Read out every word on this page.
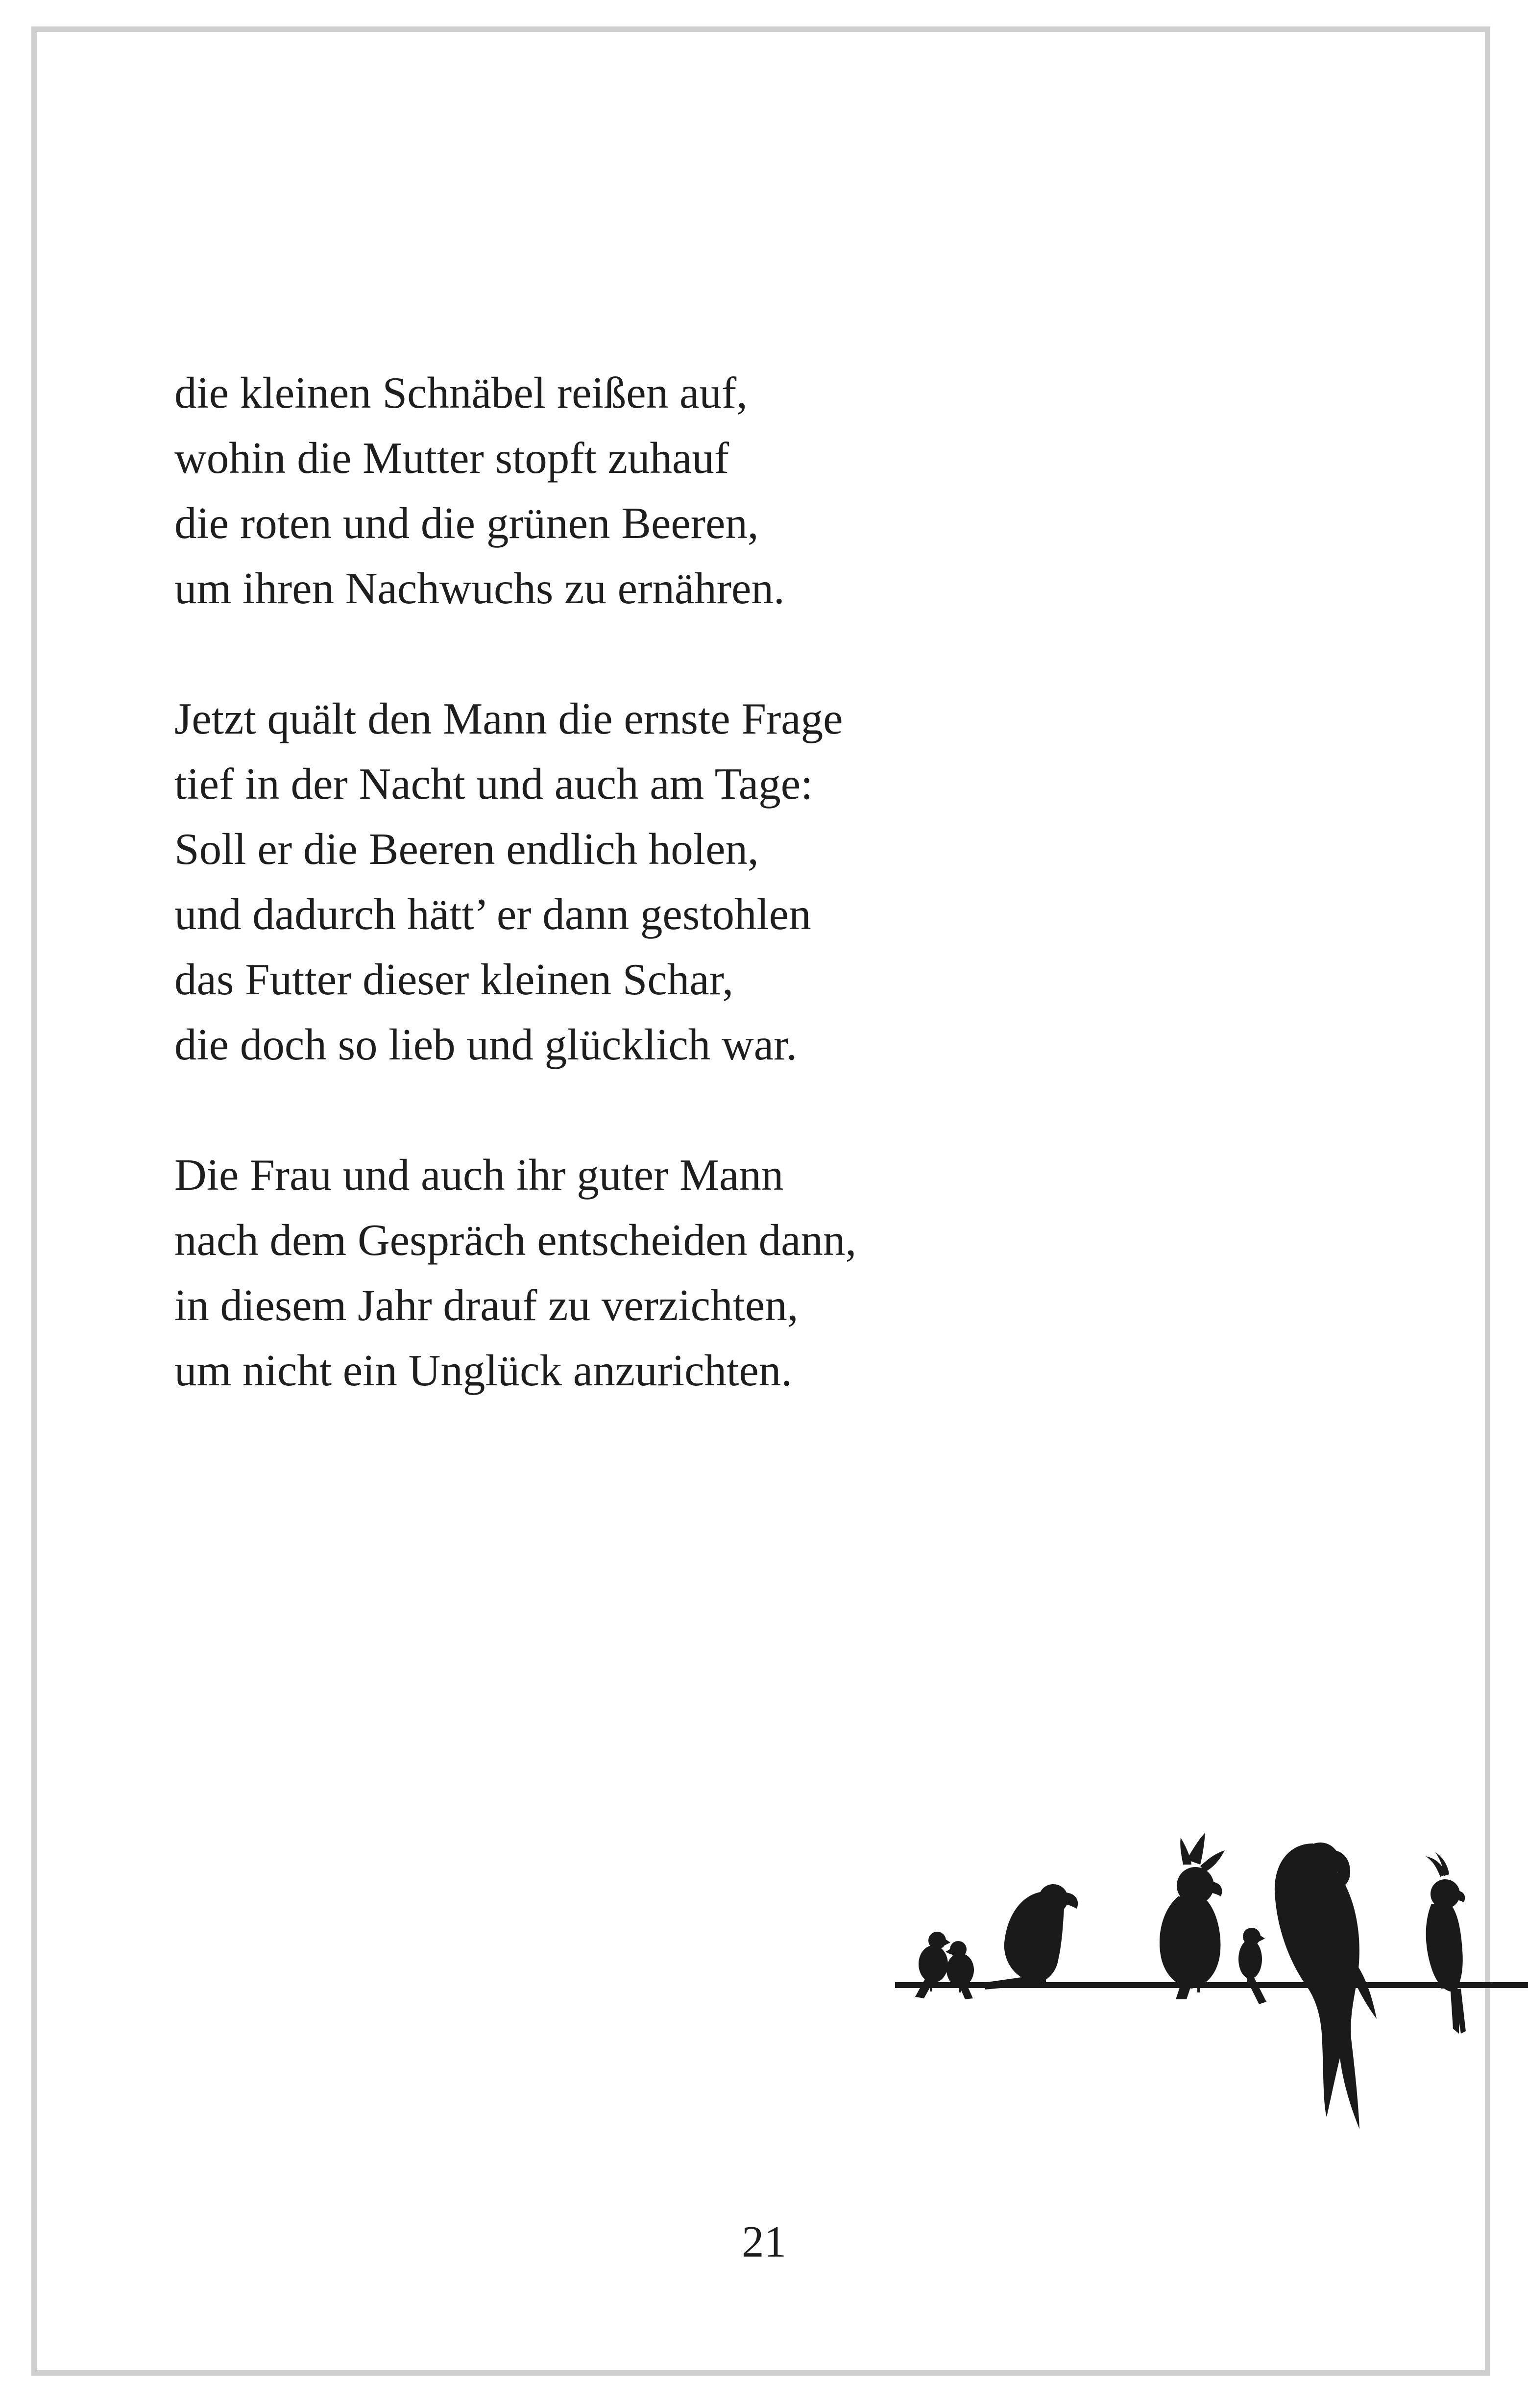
die kleinen Schnäbel reißen auf,
wohin die Mutter stopft zuhauf
die roten und die grünen Beeren,
um ihren Nachwuchs zu ernähren.
Jetzt quält den Mann die ernste Frage
tief in der Nacht und auch am Tage:
Soll er die Beeren endlich holen,
und dadurch hätt’ er dann gestohlen
das Futter dieser kleinen Schar,
die doch so lieb und glücklich war.
Die Frau und auch ihr guter Mann
nach dem Gespräch entscheiden dann,
in diesem Jahr drauf zu verzichten,
um nicht ein Unglück anzurichten.
21
